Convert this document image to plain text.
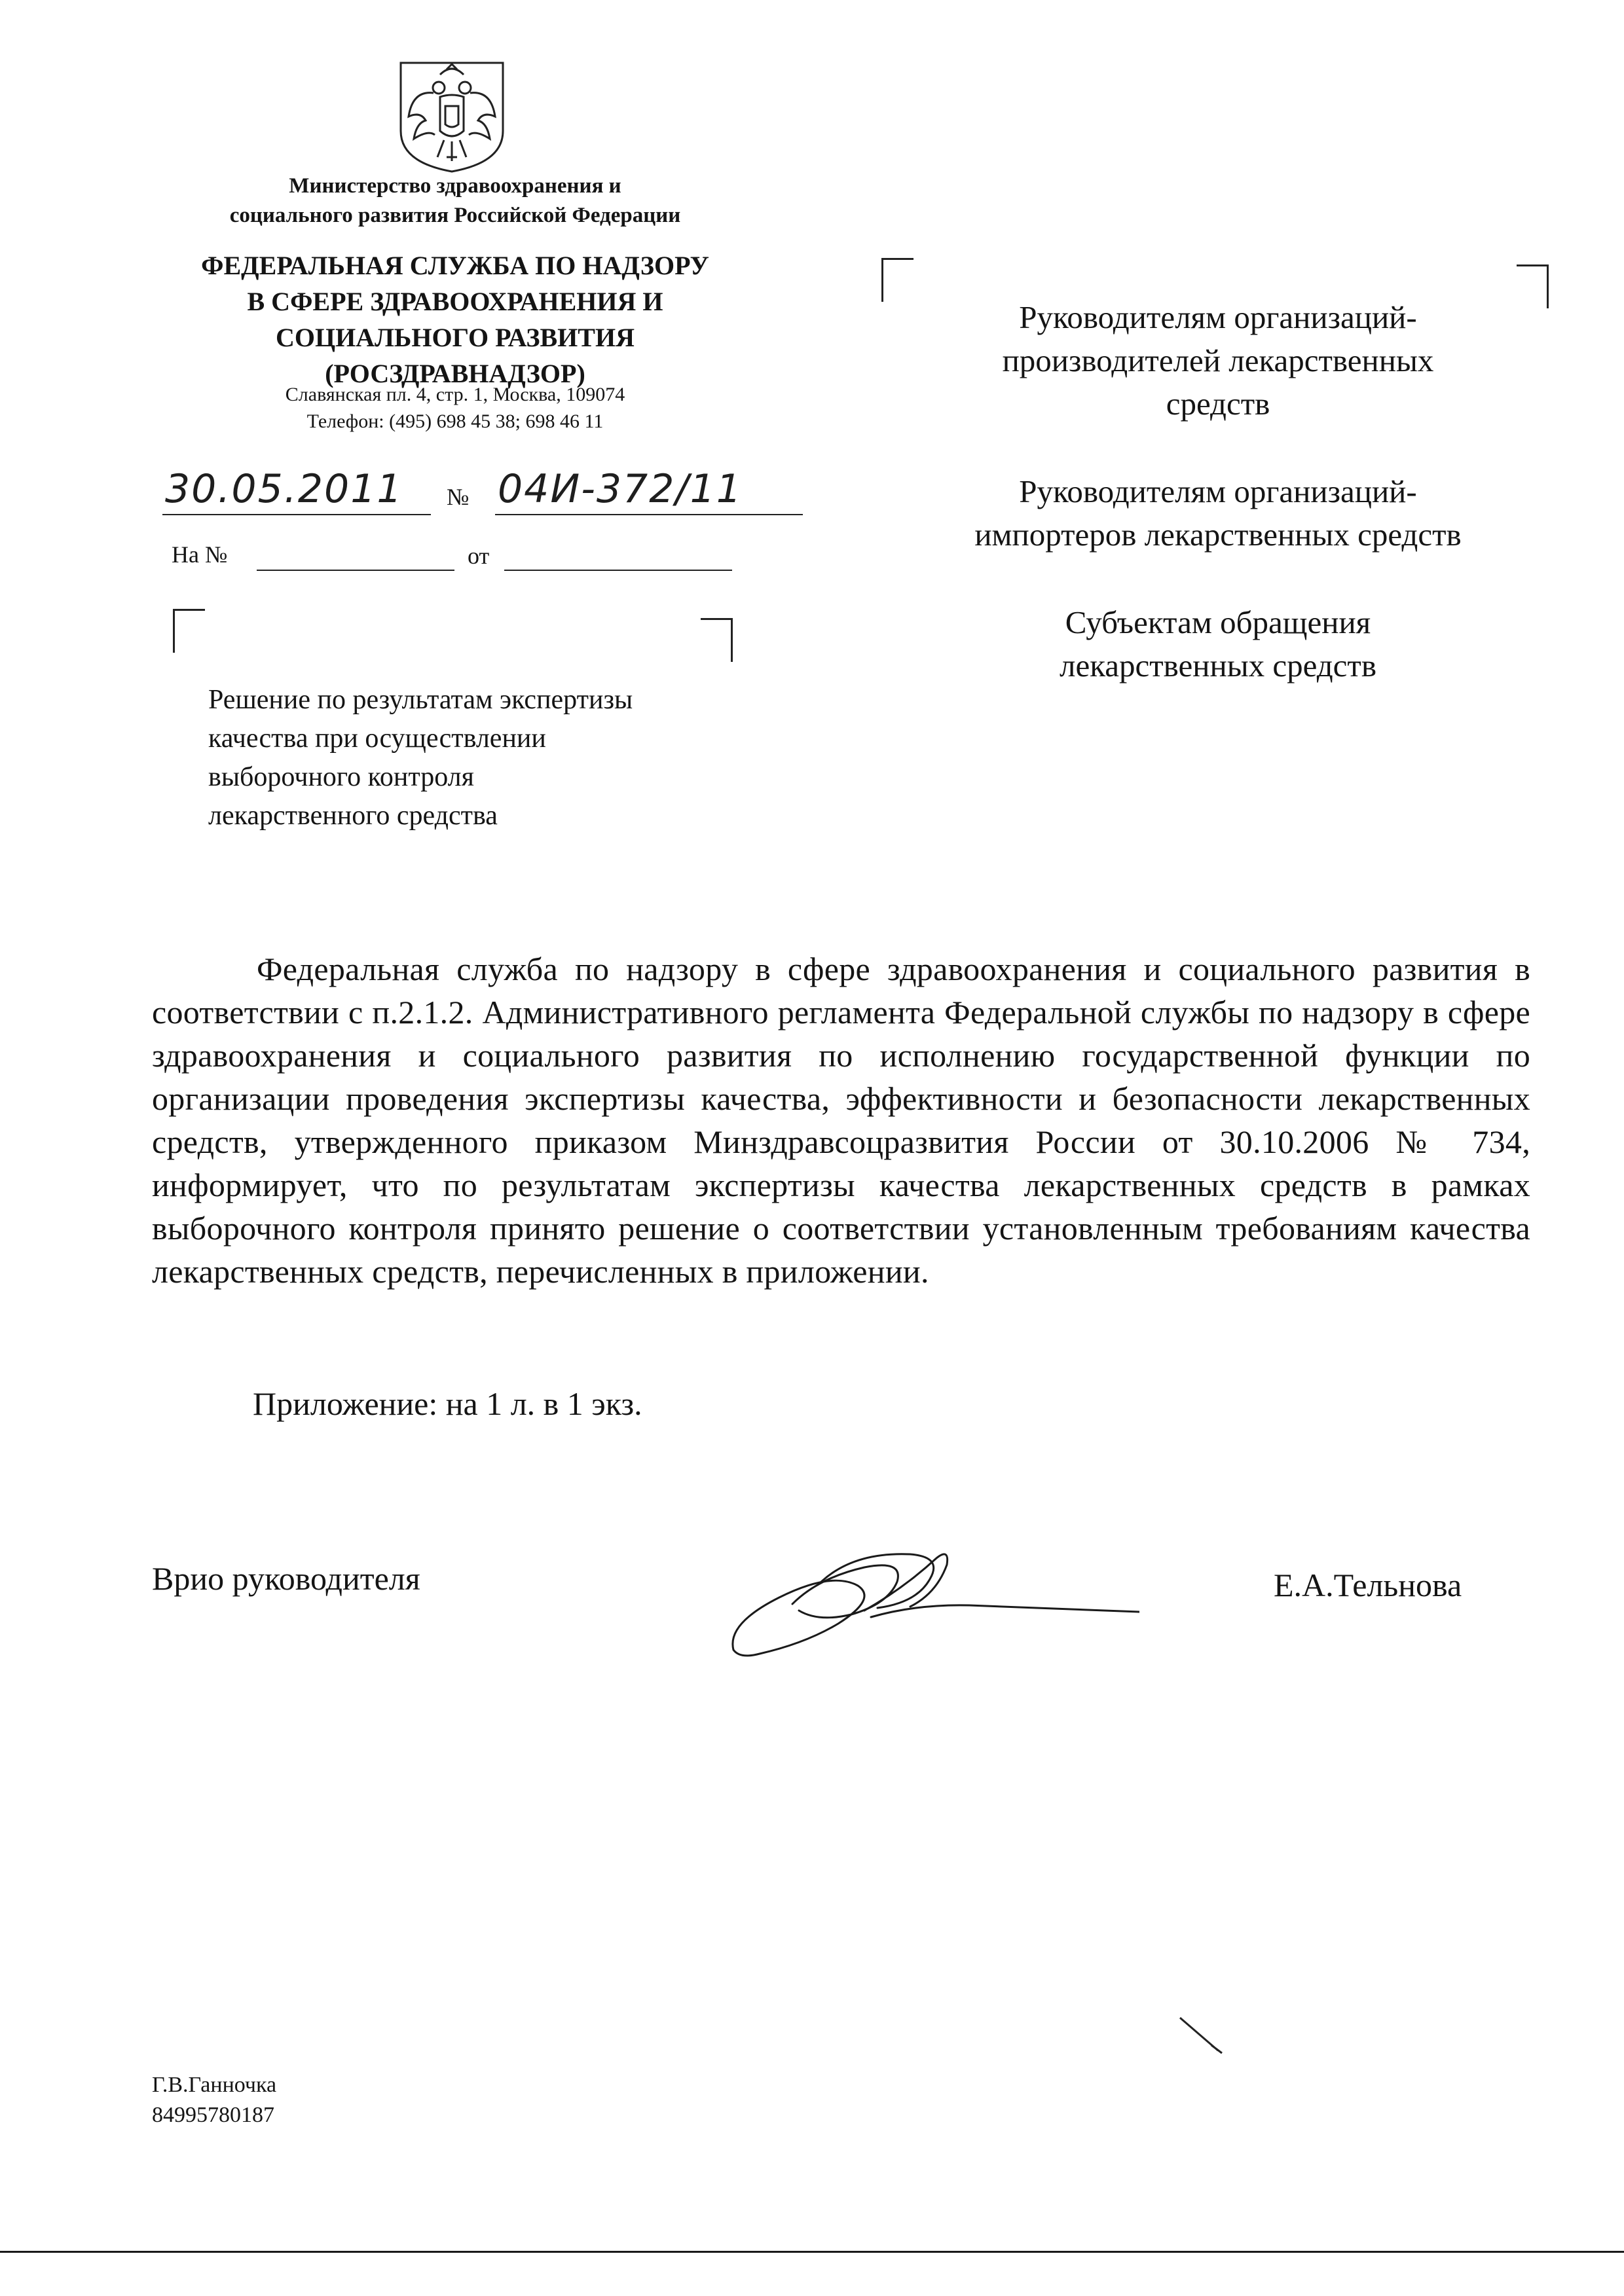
Министерство здравоохранения и
социального развития Российской Федерации
ФЕДЕРАЛЬНАЯ СЛУЖБА ПО НАДЗОРУ
В СФЕРЕ ЗДРАВООХРАНЕНИЯ И
СОЦИАЛЬНОГО РАЗВИТИЯ
(РОСЗДРАВНАДЗОР)
Славянская пл. 4, стр. 1, Москва, 109074
Телефон: (495) 698 45 38; 698 46 11
30.05.2011 № 04И-372/11
На №	от
Руководителям организаций-
производителей лекарственных
средств
Руководителям организаций-
импортеров лекарственных средств
Субъектам обращения
лекарственных средств
Решение по результатам экспертизы
качества при осуществлении
выборочного контроля
лекарственного средства

Федеральная служба по надзору в сфере здравоохранения и социального развития в соответствии с п.2.1.2. Административного регламента Федеральной службы по надзору в сфере здравоохранения и социального развития по исполнению государственной функции по организации проведения экспертизы качества, эффективности и безопасности лекарственных средств, утвержденного приказом Минздравсоцразвития России от 30.10.2006 № 734, информирует, что по результатам экспертизы качества лекарственных средств в рамках выборочного контроля принято решение о соответствии установленным требованиям качества лекарственных средств, перечисленных в приложении.

Приложение: на 1 л. в 1 экз.
Врио руководителя	Е.А.Тельнова
Г.В.Ганночка
84995780187
